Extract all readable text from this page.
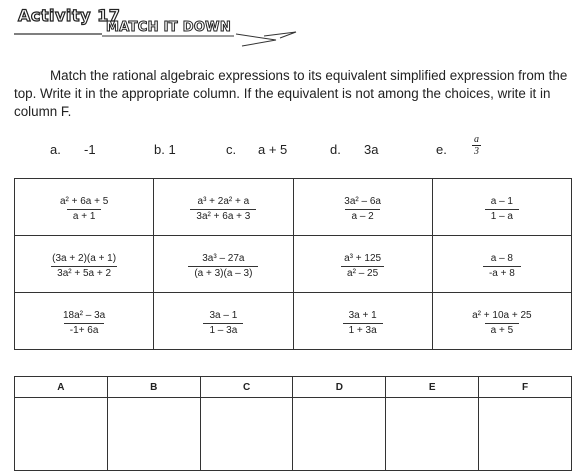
Activity 17
MATCH IT DOWN
Match the rational algebraic expressions to its equivalent simplified expression from the top. Write it in the appropriate column. If the equivalent is not among the choices, write it in column F.
a. -1	b. 1	c. a + 5	d. 3a	e.	$\frac{a}{3}$
$\frac{\text{a² + 6a + 5}}{a + 1}$	$\frac{\text{a³ + 2a² + a}}{\text{3a² + 6a + 3}}$	$\frac{\text{3a² – 6a}}{a - 2}$	$\frac{a - 1}{1 - a}$

$\frac{(3a + 2)(a + 1)}{\text{3a² + 5a + 2}}$	$\frac{\text{3a³ – 27a}}{(a + 3)(a - 3)}$	$\frac{\text{a³ + 125}}{\text{a² – 25}}$	$\frac{a - 8}{-a + 8}$

$\frac{\text{18a² – 3a}}{-1+ 6a}$	$\frac{3a - 1}{1 - 3a}$	$\frac{3a + 1}{1 + 3a}$	$\frac{\text{a² + 10a + 25}}{a + 5}$
A	B	C	D	E	F
